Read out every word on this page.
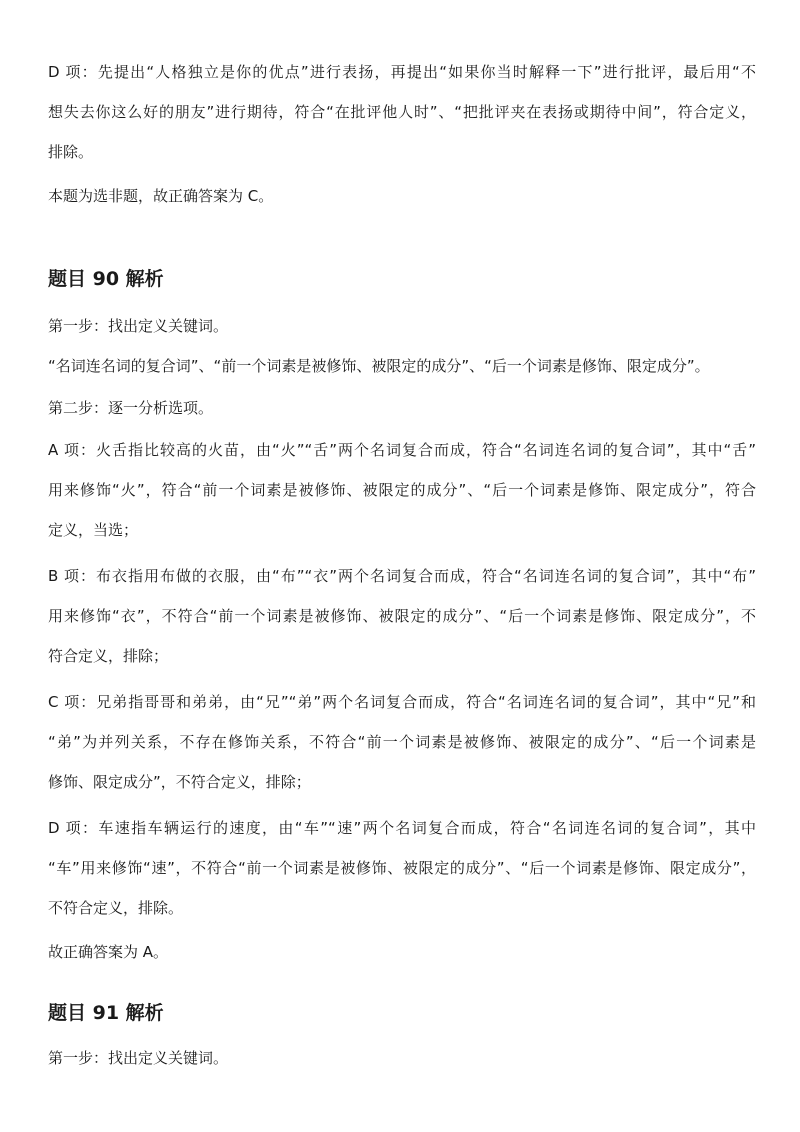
D 项：先提出“人格独立是你的优点”进行表扬，再提出“如果你当时解释一下”进行批评，最后用“不
想失去你这么好的朋友”进行期待，符合“在批评他人时”、“把批评夹在表扬或期待中间”，符合定义，
排除。
本题为选非题，故正确答案为 C。
题目 90 解析
第一步：找出定义关键词。
“名词连名词的复合词”、“前一个词素是被修饰、被限定的成分”、“后一个词素是修饰、限定成分”。
第二步：逐一分析选项。
A 项：火舌指比较高的火苗，由“火”“舌”两个名词复合而成，符合“名词连名词的复合词”，其中“舌”
用来修饰“火”，符合“前一个词素是被修饰、被限定的成分”、“后一个词素是修饰、限定成分”，符合
定义，当选；
B 项：布衣指用布做的衣服，由“布”“衣”两个名词复合而成，符合“名词连名词的复合词”，其中“布”
用来修饰“衣”，不符合“前一个词素是被修饰、被限定的成分”、“后一个词素是修饰、限定成分”，不
符合定义，排除；
C 项：兄弟指哥哥和弟弟，由“兄”“弟”两个名词复合而成，符合“名词连名词的复合词”，其中“兄”和
“弟”为并列关系，不存在修饰关系，不符合“前一个词素是被修饰、被限定的成分”、“后一个词素是
修饰、限定成分”，不符合定义，排除；
D 项：车速指车辆运行的速度，由“车”“速”两个名词复合而成，符合“名词连名词的复合词”，其中
“车”用来修饰“速”，不符合“前一个词素是被修饰、被限定的成分”、“后一个词素是修饰、限定成分”，
不符合定义，排除。
故正确答案为 A。
题目 91 解析
第一步：找出定义关键词。
